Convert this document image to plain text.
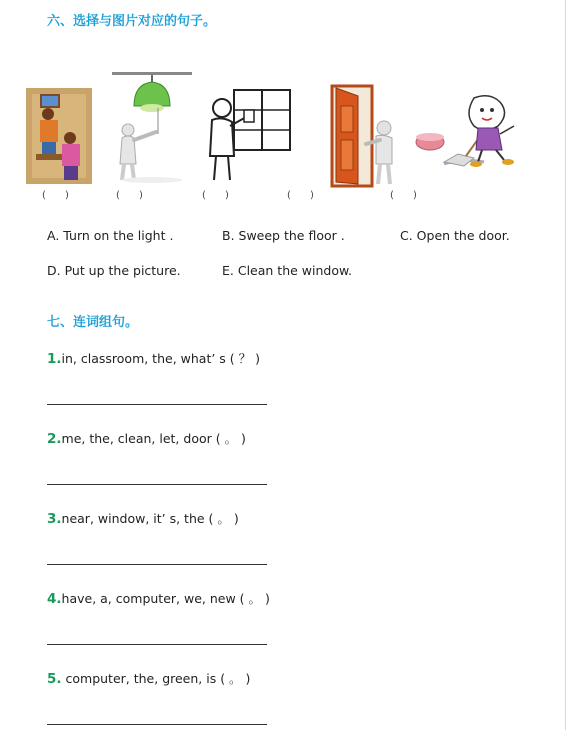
六、选择与图片对应的句子。
(      )	(      )	(      )	(      )	(      )
A. Turn on the light .	B. Sweep the floor .	C. Open the door.
D. Put up the picture.	E. Clean the window.
七、连词组句。
1.in, classroom, the, what’ s ( ？ )
2.me, the, clean, let, door ( 。 )
3.near, window, it’ s, the ( 。 )
4.have, a, computer, we, new ( 。 )
5. computer, the, green, is ( 。 )
